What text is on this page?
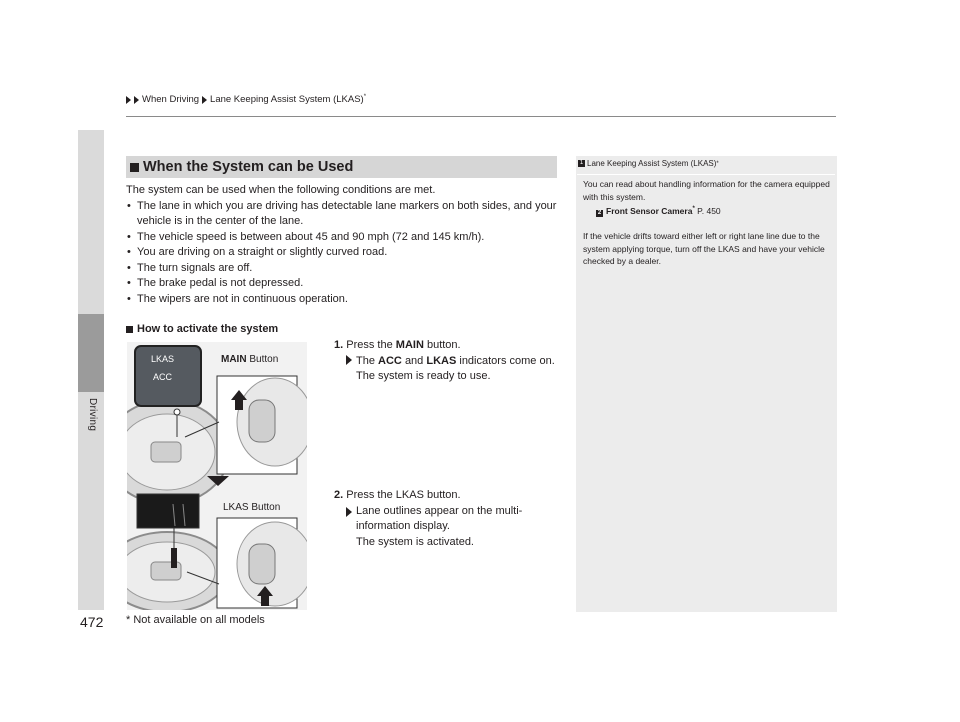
When Driving Lane Keeping Assist System (LKAS)*
Driving
472
When the System can be Used
The system can be used when the following conditions are met.
• The lane in which you are driving has detectable lane markers on both sides, and your vehicle is in the center of the lane.
• The vehicle speed is between about 45 and 90 mph (72 and 145 km/h).
• You are driving on a straight or slightly curved road.
• The turn signals are off.
• The brake pedal is not depressed.
• The wipers are not in continuous operation.
How to activate the system
1. Press the MAIN button.
The ACC and LKAS indicators come on.
The system is ready to use.
2. Press the LKAS button.
Lane outlines appear on the multi-information display.
The system is activated.
LKAS
ACC
MAIN Button
LKAS Button
* Not available on all models
1 Lane Keeping Assist System (LKAS) *
You can read about handling information for the camera equipped with this system.
2 Front Sensor Camera* P. 450
If the vehicle drifts toward either left or right lane line due to the system applying torque, turn off the LKAS and have your vehicle checked by a dealer.
